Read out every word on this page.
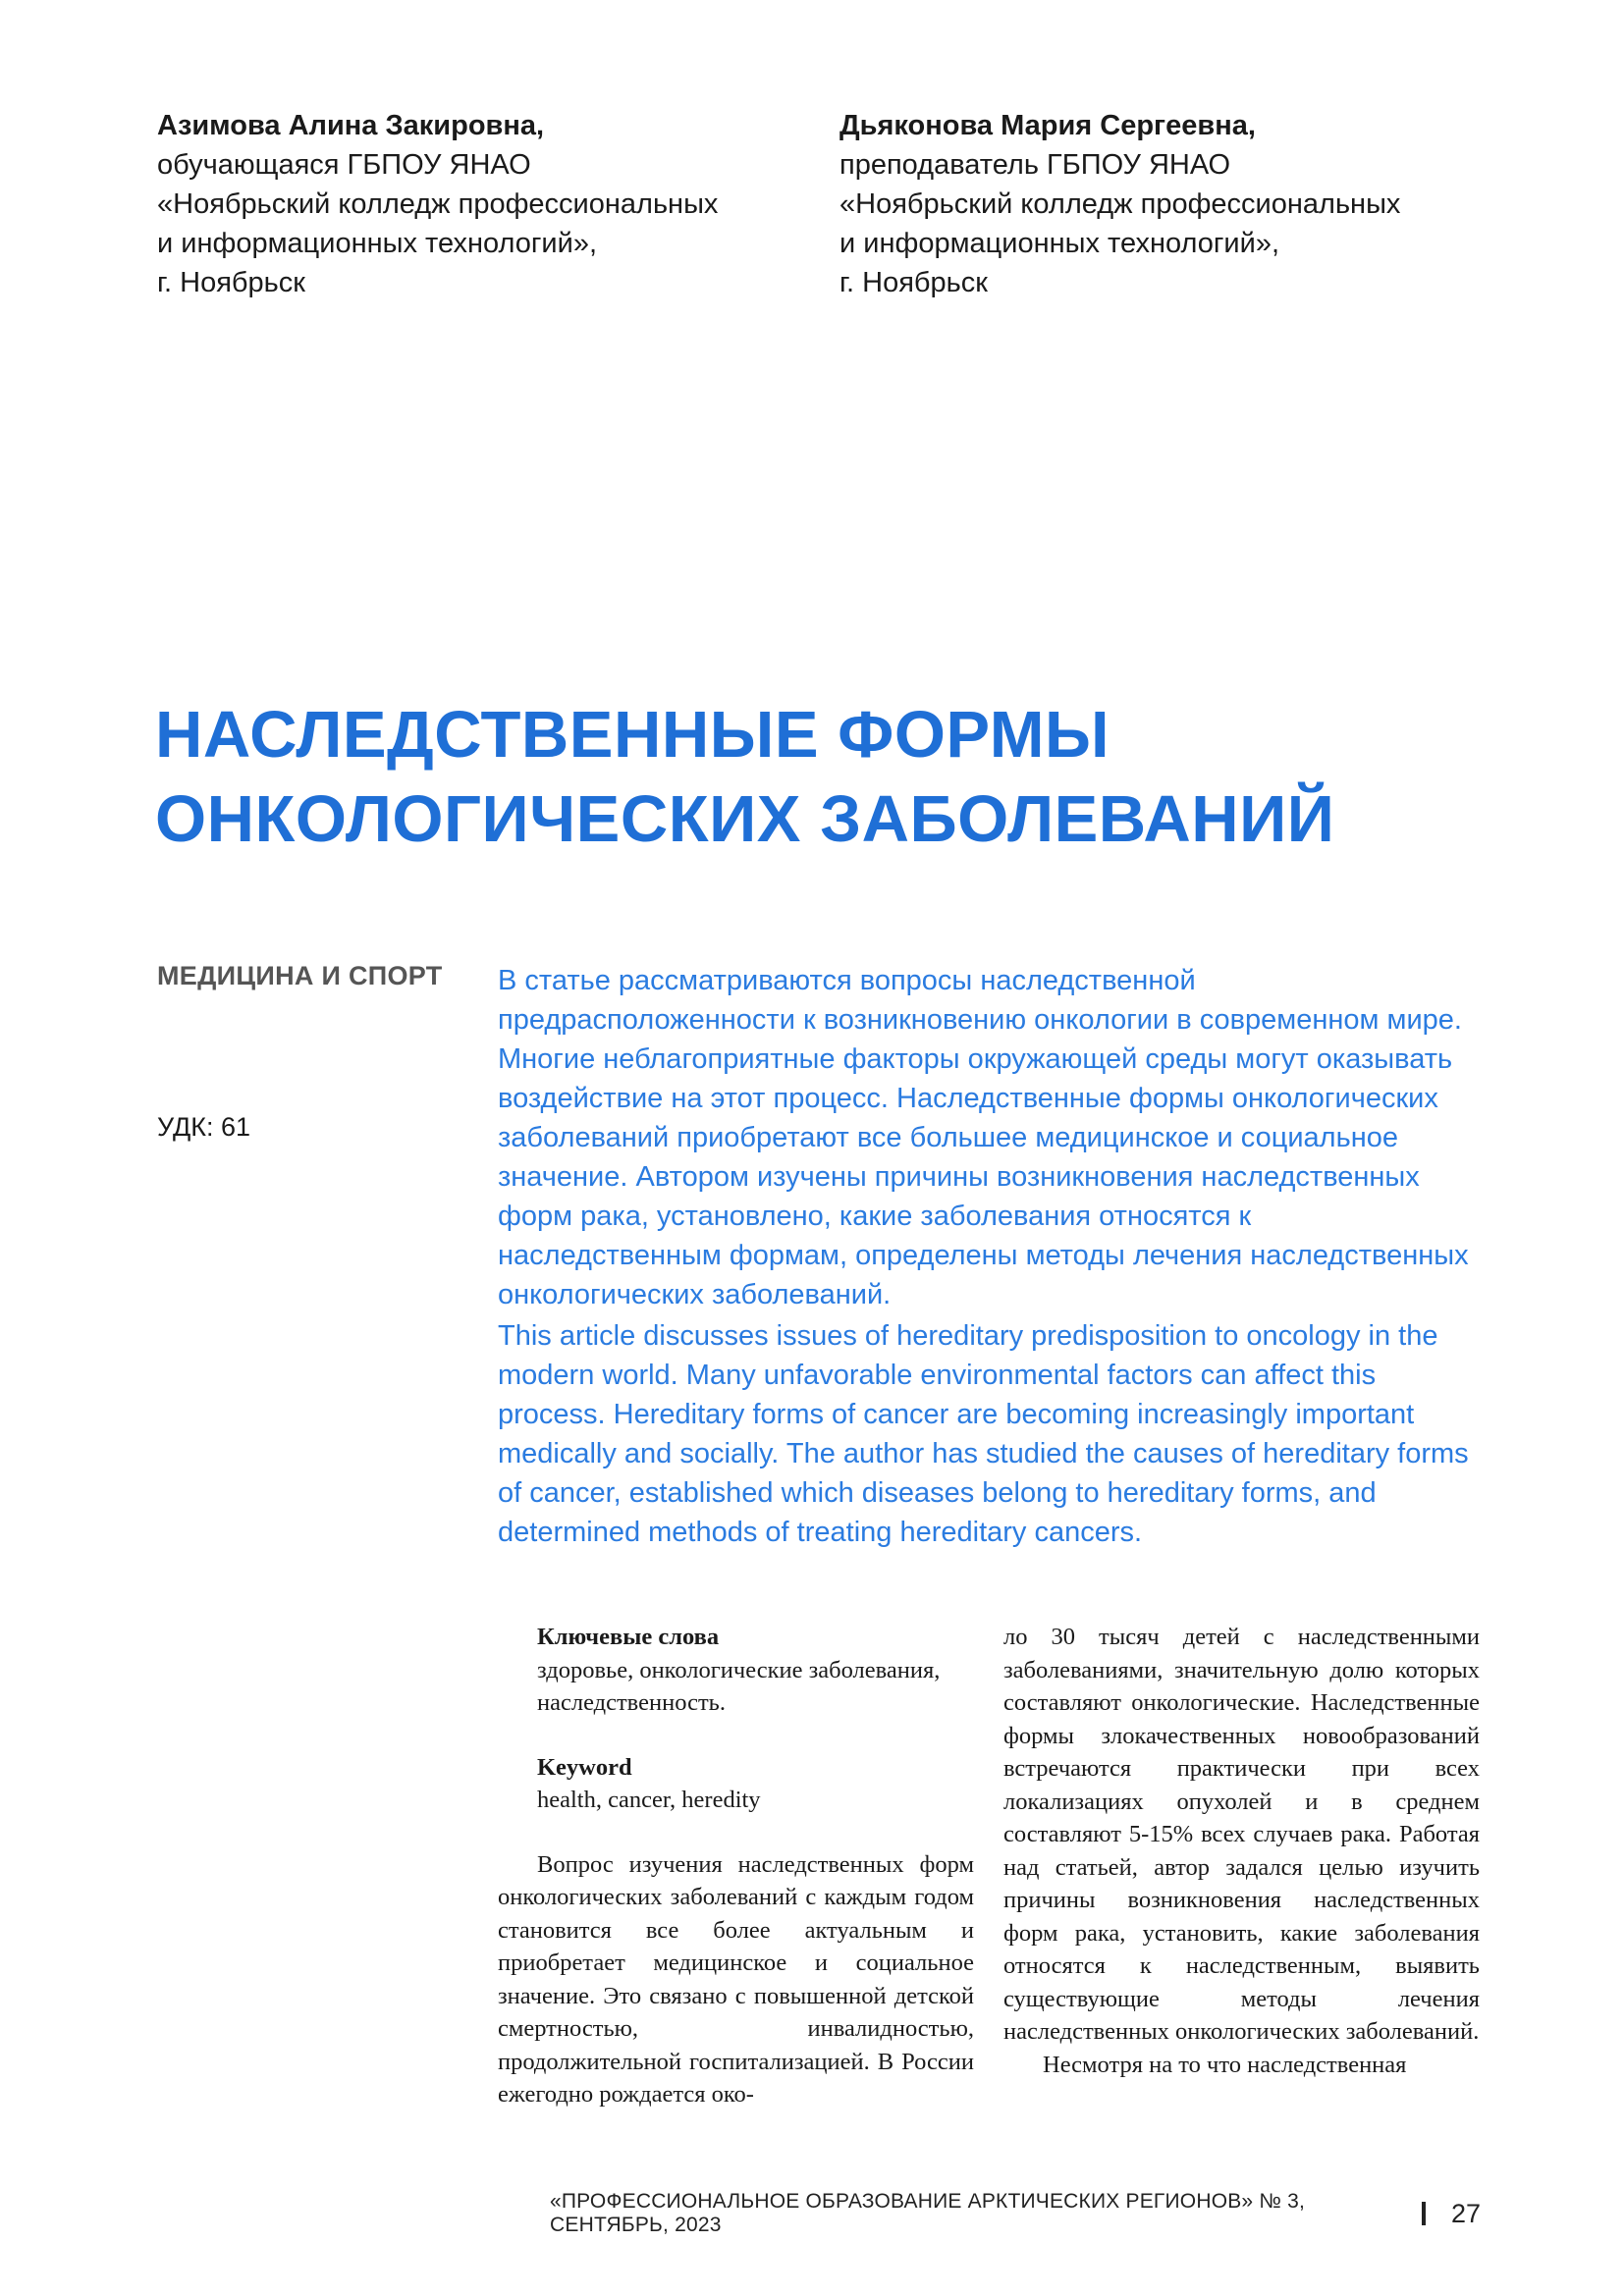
Азимова Алина Закировна,
обучающаяся ГБПОУ ЯНАО
«Ноябрьский колледж профессиональных
и информационных технологий»,
г. Ноябрьск
Дьяконова Мария Сергеевна,
преподаватель ГБПОУ ЯНАО
«Ноябрьский колледж профессиональных
и информационных технологий»,
г. Ноябрьск
НАСЛЕДСТВЕННЫЕ ФОРМЫ
ОНКОЛОГИЧЕСКИХ ЗАБОЛЕВАНИЙ
МЕДИЦИНА И СПОРТ
УДК: 61
В статье рассматриваются вопросы наследственной предрасположенности к возникновению онкологии в современном мире. Многие неблагоприятные факторы окружающей среды могут оказывать воздействие на этот процесс. Наследственные формы онкологических заболеваний приобретают все большее медицинское и социальное значение. Автором изучены причины возникновения наследственных форм рака, установлено, какие заболевания относятся к наследственным формам, определены методы лечения наследственных онкологических заболеваний.
This article discusses issues of hereditary predisposition to oncology in the modern world. Many unfavorable environmental factors can affect this process. Hereditary forms of cancer are becoming increasingly important medically and socially. The author has studied the causes of hereditary forms of cancer, established which diseases belong to hereditary forms, and determined methods of treating hereditary cancers.
Ключевые слова
здоровье, онкологические заболевания, наследственность.
Keyword
health, cancer, heredity
Вопрос изучения наследственных форм онкологических заболеваний с каждым годом становится все более актуальным и приобретает медицинское и социальное значение. Это связано с повышенной детской смертностью, инвалидностью, продолжительной госпитализацией. В России ежегодно рождается око-
ло 30 тысяч детей с наследственными заболеваниями, значительную долю которых составляют онкологические. Наследственные формы злокачественных новообразований встречаются практически при всех локализациях опухолей и в среднем составляют 5-15% всех случаев рака. Работая над статьей, автор задался целью изучить причины возникновения наследственных форм рака, установить, какие заболевания относятся к наследственным, выявить существующие методы лечения наследственных онкологических заболеваний.
Несмотря на то что наследственная
«ПРОФЕССИОНАЛЬНОЕ ОБРАЗОВАНИЕ АРКТИЧЕСКИХ РЕГИОНОВ» № 3, СЕНТЯБРЬ, 2023	27
